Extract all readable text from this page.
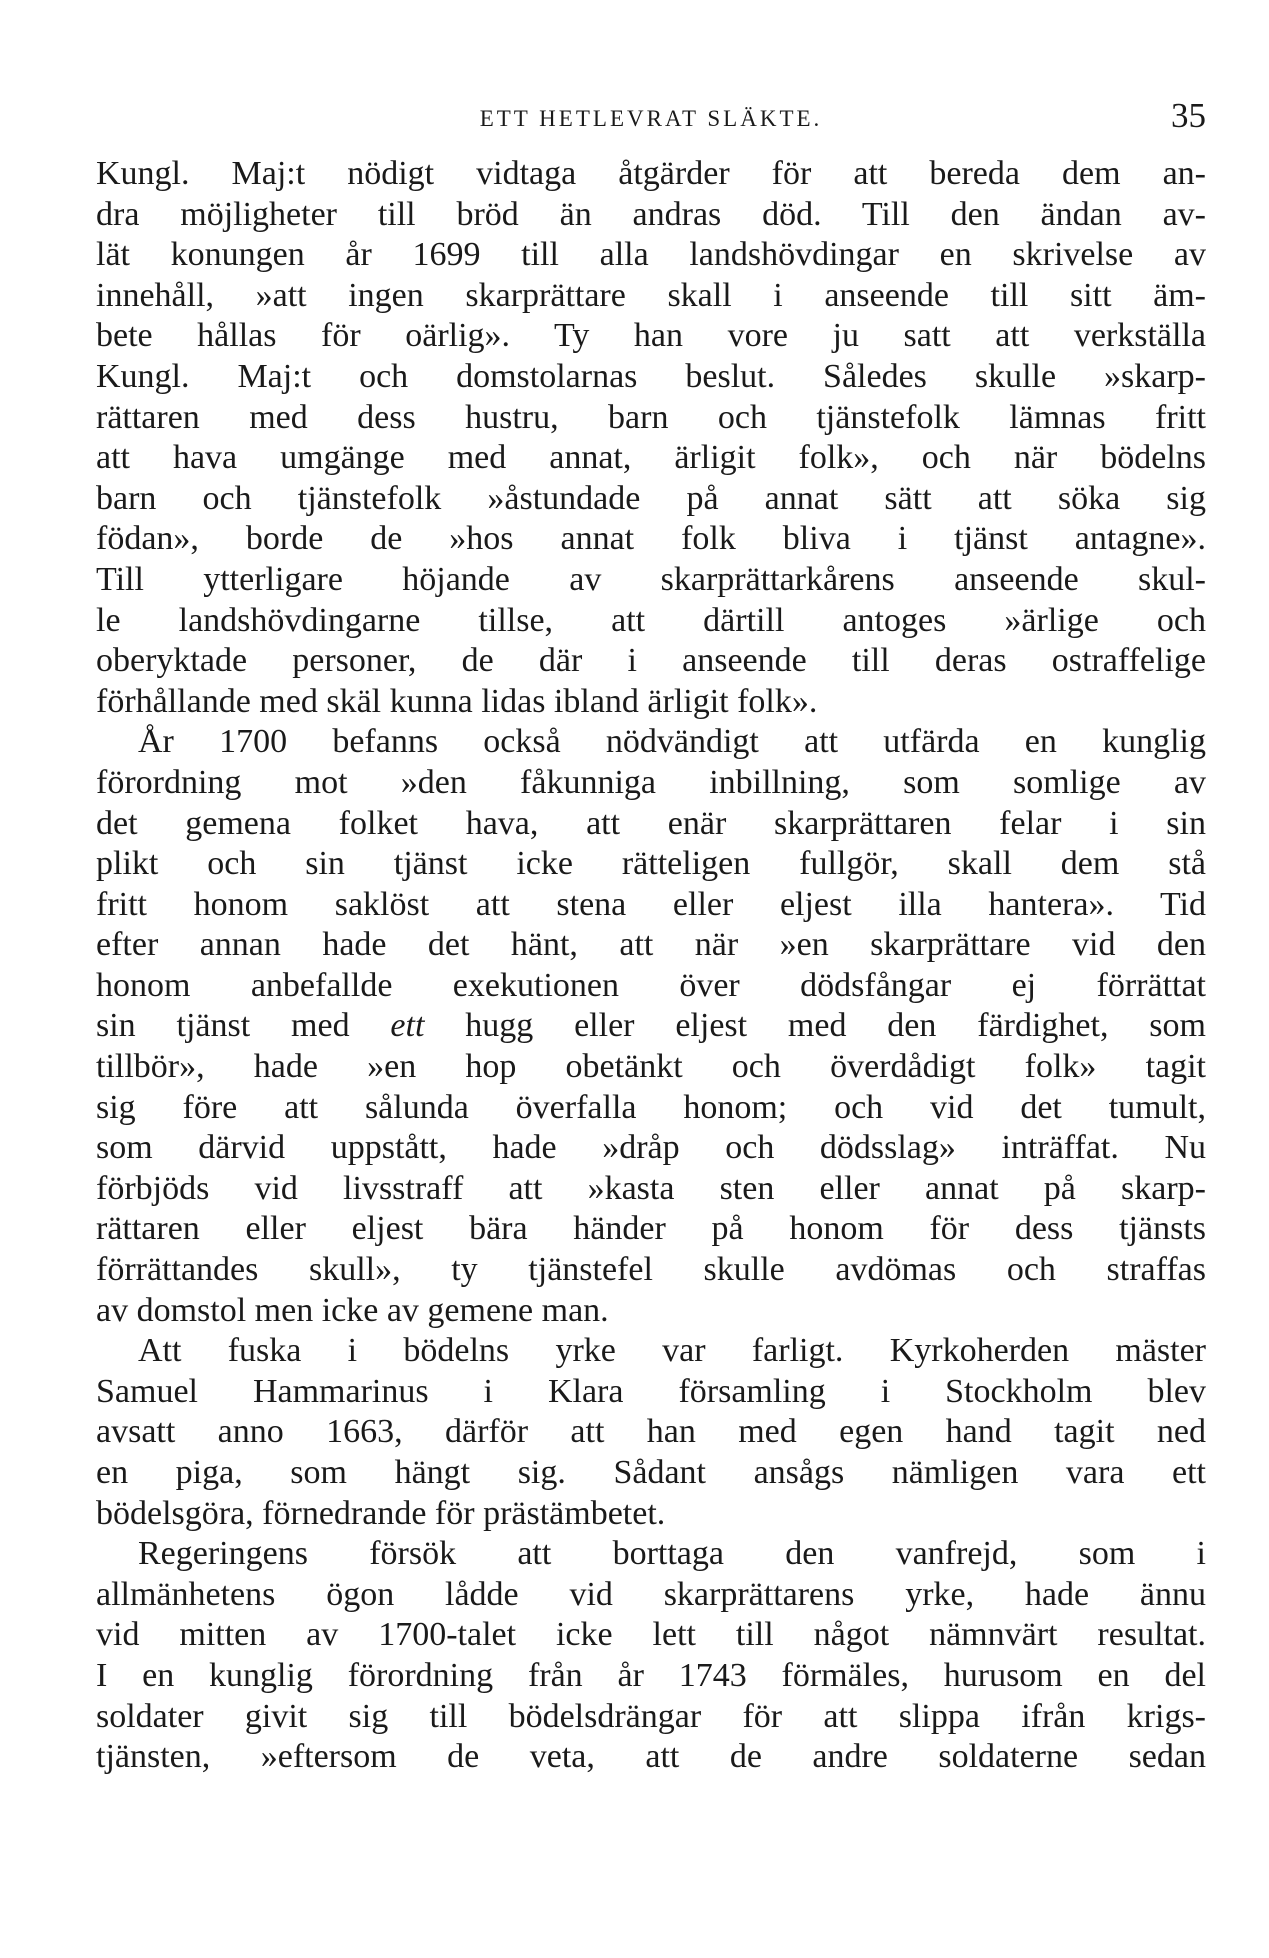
ETT HETLEVRAT SLÄKTE.	35
Kungl. Maj:t nödigt vidtaga åtgärder för att bereda dem an-
dra möjligheter till bröd än andras död. Till den ändan av-
lät konungen år 1699 till alla landshövdingar en skrivelse av
innehåll, »att ingen skarprättare skall i anseende till sitt äm-
bete hållas för oärlig». Ty han vore ju satt att verkställa
Kungl. Maj:t och domstolarnas beslut. Således skulle »skarp-
rättaren med dess hustru, barn och tjänstefolk lämnas fritt
att hava umgänge med annat, ärligit folk», och när bödelns
barn och tjänstefolk »åstundade på annat sätt att söka sig
födan», borde de »hos annat folk bliva i tjänst antagne».
Till ytterligare höjande av skarprättarkårens anseende skul-
le landshövdingarne tillse, att därtill antoges »ärlige och
oberyktade personer, de där i anseende till deras ostraffelige
förhållande med skäl kunna lidas ibland ärligit folk».
År 1700 befanns också nödvändigt att utfärda en kunglig
förordning mot »den fåkunniga inbillning, som somlige av
det gemena folket hava, att enär skarprättaren felar i sin
plikt och sin tjänst icke rätteligen fullgör, skall dem stå
fritt honom saklöst att stena eller eljest illa hantera». Tid
efter annan hade det hänt, att när »en skarprättare vid den
honom anbefallde exekutionen över dödsfångar ej förrättat
sin tjänst med ett hugg eller eljest med den färdighet, som
tillbör», hade »en hop obetänkt och överdådigt folk» tagit
sig före att sålunda överfalla honom; och vid det tumult,
som därvid uppstått, hade »dråp och dödsslag» inträffat. Nu
förbjöds vid livsstraff att »kasta sten eller annat på skarp-
rättaren eller eljest bära händer på honom för dess tjänsts
förrättandes skull», ty tjänstefel skulle avdömas och straffas
av domstol men icke av gemene man.
Att fuska i bödelns yrke var farligt. Kyrkoherden mäster
Samuel Hammarinus i Klara församling i Stockholm blev
avsatt anno 1663, därför att han med egen hand tagit ned
en piga, som hängt sig. Sådant ansågs nämligen vara ett
bödelsgöra, förnedrande för prästämbetet.
Regeringens försök att borttaga den vanfrejd, som i
allmänhetens ögon lådde vid skarprättarens yrke, hade ännu
vid mitten av 1700-talet icke lett till något nämnvärt resultat.
I en kunglig förordning från år 1743 förmäles, hurusom en del
soldater givit sig till bödelsdrängar för att slippa ifrån krigs-
tjänsten, »eftersom de veta, att de andre soldaterne sedan
